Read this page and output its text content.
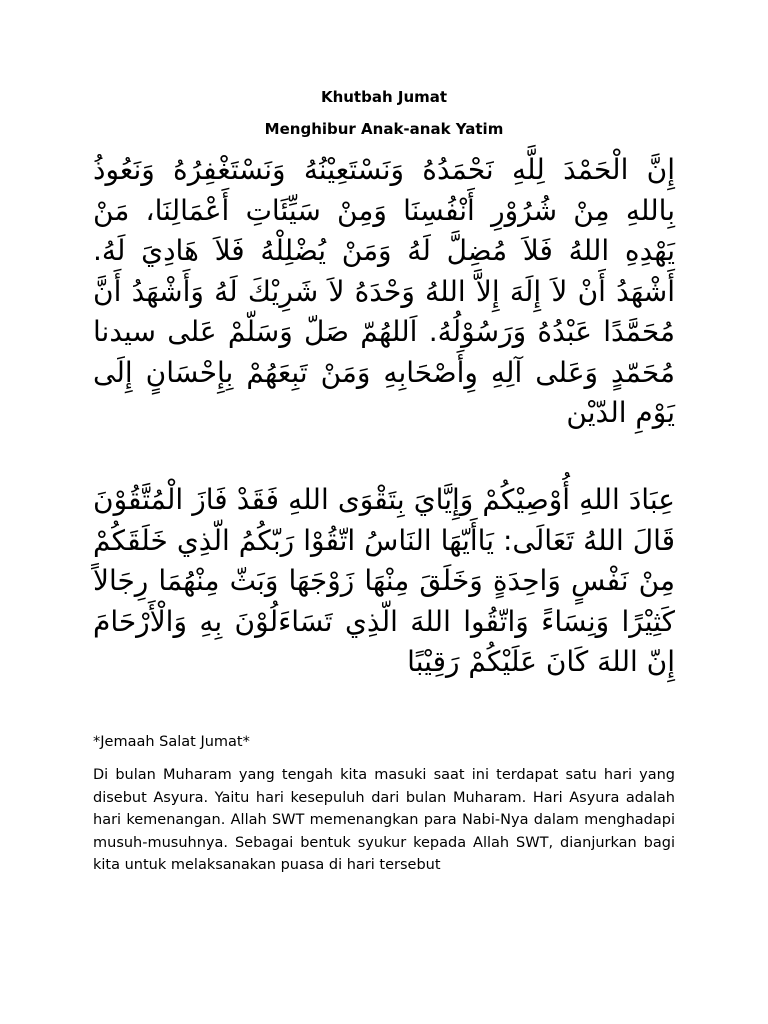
Khutbah Jumat
Menghibur Anak-anak Yatim

إِنَّ الْحَمْدَ لِلَّهِ نَحْمَدُهُ وَنَسْتَعِيْنُهُ وَنَسْتَغْفِرُهُ وَنَعُوذُ بِاللهِ مِنْ شُرُوْرِ أَنْفُسِنَا وَمِنْ سَيِّئَاتِ أَعْمَالِنَا، مَنْ يَهْدِهِ اللهُ فَلاَ مُضِلَّ لَهُ وَمَنْ يُضْلِلْهُ فَلاَ هَادِيَ لَهُ. أَشْهَدُ أَنْ لاَ إِلَهَ إِلاَّ اللهُ وَحْدَهُ لاَ شَرِيْكَ لَهُ وَأَشْهَدُ أَنَّ مُحَمَّدًا عَبْدُهُ وَرَسُوْلُهُ. اَللهُمّ صَلّ وَسَلّمْ عَلى سيدنا مُحَمّدٍ وَعَلى آلِهِ وِأَصْحَابِهِ وَمَنْ تَبِعَهُمْ بِإِحْسَانٍ إِلَى يَوْمِ الدّيْن

عِبَادَ اللهِ أُوْصِيْكُمْ وَإِيَّايَ بِتَقْوَى اللهِ فَقَدْ فَازَ الْمُتَّقُوْنَ قَالَ اللهُ تَعَالَى: يَاأَيّهَا النَاسُ اتّقُوْا رَبّكُمُ الّذِي خَلَقَكُمْ مِنْ نَفْسٍ وَاحِدَةٍ وَخَلَقَ مِنْهَا زَوْجَهَا وَبَثّ مِنْهُمَا رِجَالاً كَثِيْرًا وَنِسَاءً وَاتّقُوا اللهَ الّذِي تَسَاءَلُوْنَ بِهِ وَالْأَرْحَامَ إِنّ اللهَ كَانَ عَلَيْكُمْ رَقِيْبًا

*Jemaah Salat Jumat*

Di bulan Muharam yang tengah kita masuki saat ini terdapat satu hari yang disebut Asyura. Yaitu hari kesepuluh dari bulan Muharam. Hari Asyura adalah hari kemenangan. Allah SWT memenangkan para Nabi-Nya dalam menghadapi musuh-musuhnya. Sebagai bentuk syukur kepada Allah SWT, dianjurkan bagi kita untuk melaksanakan puasa di hari tersebut
